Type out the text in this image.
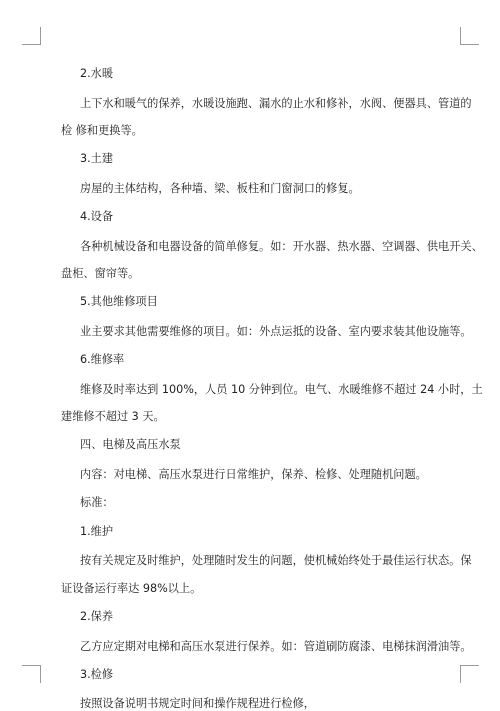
2.水暖
上下水和暖气的保养，水暖设施跑、漏水的止水和修补，水阀、便器具、管道的
检 修和更换等。
3.土建
房屋的主体结构，各种墙、梁、板柱和门窗洞口的修复。
4.设备
各种机械设备和电器设备的简单修复。如：开水器、热水器、空调器、供电开关、
盘柜、窗帘等。
5.其他维修项目
业主要求其他需要维修的项目。如：外点运抵的设备、室内要求装其他设施等。
6.维修率
维修及时率达到 100%，人员 10 分钟到位。电气、水暖维修不超过 24 小时，土
建维修不超过 3 天。
四、电梯及高压水泵
内容：对电梯、高压水泵进行日常维护，保养、检修、处理随机问题。
标准：
1.维护
按有关规定及时维护，处理随时发生的问题，使机械始终处于最佳运行状态。保
证设备运行率达 98%以上。
2.保养
乙方应定期对电梯和高压水泵进行保养。如：管道刷防腐漆、电梯抹润滑油等。
3.检修
按照设备说明书规定时间和操作规程进行检修，
